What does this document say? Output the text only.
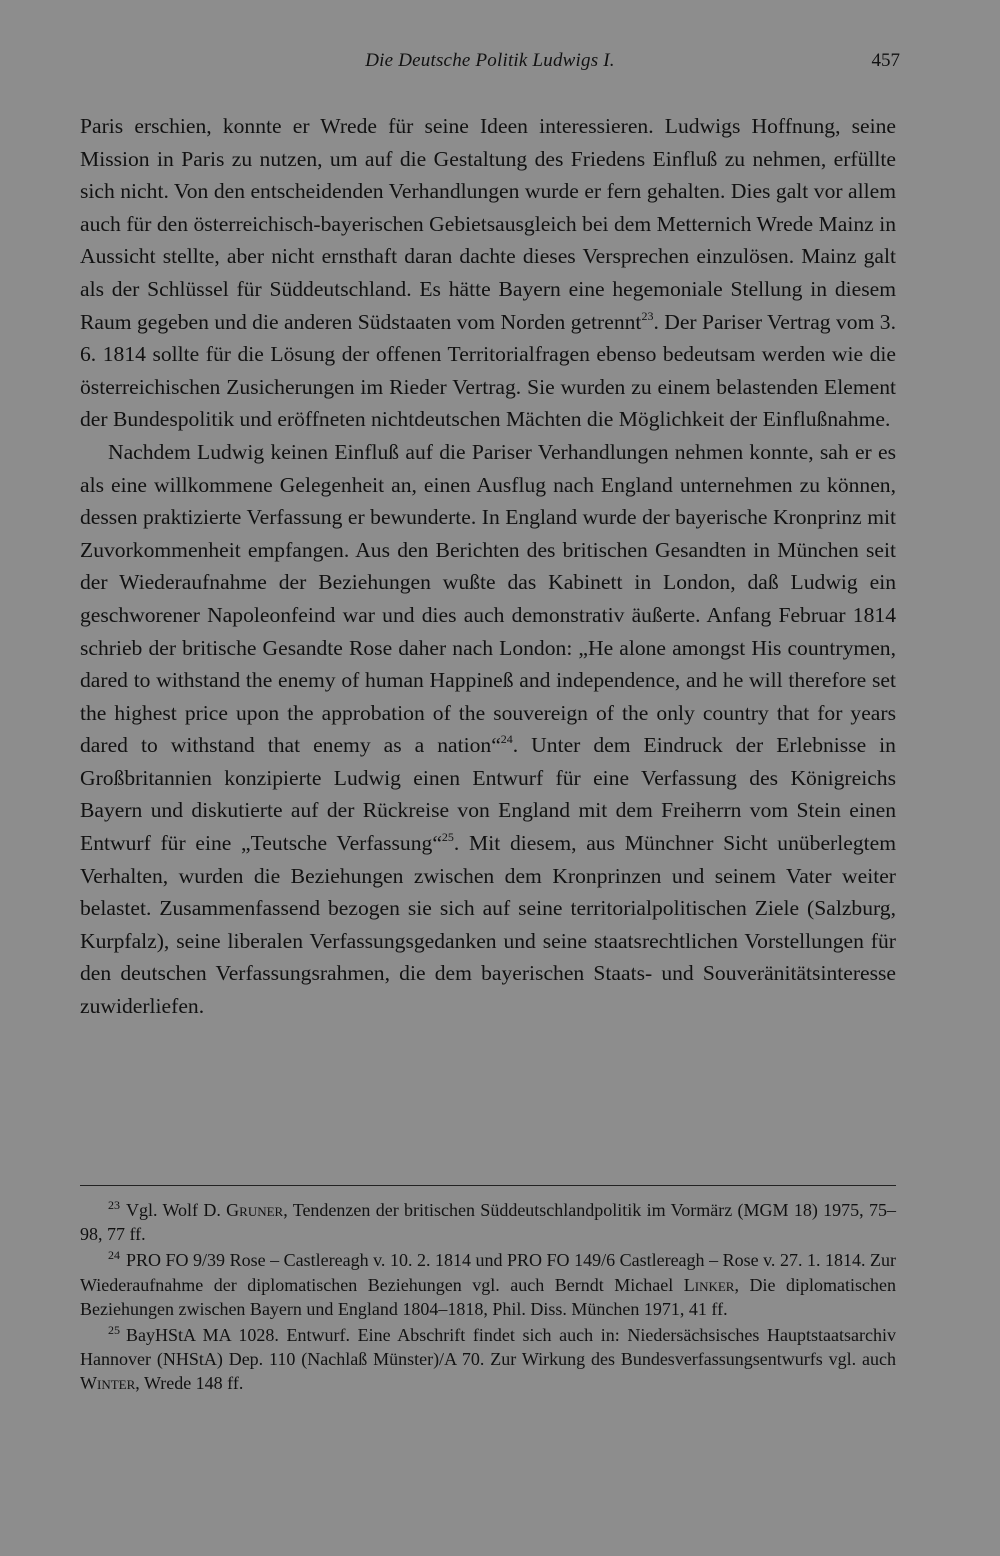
Die Deutsche Politik Ludwigs I.	457

Paris erschien, konnte er Wrede für seine Ideen interessieren. Ludwigs Hoffnung, seine Mission in Paris zu nutzen, um auf die Gestaltung des Friedens Einfluß zu nehmen, erfüllte sich nicht. Von den entscheidenden Verhandlungen wurde er fern gehalten. Dies galt vor allem auch für den österreichisch-bayerischen Gebietsausgleich bei dem Metternich Wrede Mainz in Aussicht stellte, aber nicht ernsthaft daran dachte dieses Versprechen einzulösen. Mainz galt als der Schlüssel für Süddeutschland. Es hätte Bayern eine hegemoniale Stellung in diesem Raum gegeben und die anderen Südstaaten vom Norden getrennt$^{23}$. Der Pariser Vertrag vom 3. 6. 1814 sollte für die Lösung der offenen Territorialfragen ebenso bedeutsam werden wie die österreichischen Zusicherungen im Rieder Vertrag. Sie wurden zu einem belastenden Element der Bundespolitik und eröffneten nichtdeutschen Mächten die Möglichkeit der Einflußnahme.

Nachdem Ludwig keinen Einfluß auf die Pariser Verhandlungen nehmen konnte, sah er es als eine willkommene Gelegenheit an, einen Ausflug nach England unternehmen zu können, dessen praktizierte Verfassung er bewunderte. In England wurde der bayerische Kronprinz mit Zuvorkommenheit empfangen. Aus den Berichten des britischen Gesandten in München seit der Wiederaufnahme der Beziehungen wußte das Kabinett in London, daß Ludwig ein geschworener Napoleonfeind war und dies auch demonstrativ äußerte. Anfang Februar 1814 schrieb der britische Gesandte Rose daher nach London: „He alone amongst His countrymen, dared to withstand the enemy of human Happineß and independence, and he will therefore set the highest price upon the approbation of the souvereign of the only country that for years dared to withstand that enemy as a nation“$^{24}$. Unter dem Eindruck der Erlebnisse in Großbritannien konzipierte Ludwig einen Entwurf für eine Verfassung des Königreichs Bayern und diskutierte auf der Rückreise von England mit dem Freiherrn vom Stein einen Entwurf für eine „Teutsche Verfassung“$^{25}$. Mit diesem, aus Münchner Sicht unüberlegtem Verhalten, wurden die Beziehungen zwischen dem Kronprinzen und seinem Vater weiter belastet. Zusammenfassend bezogen sie sich auf seine territorialpolitischen Ziele (Salzburg, Kurpfalz), seine liberalen Verfassungsgedanken und seine staatsrechtlichen Vorstellungen für den deutschen Verfassungsrahmen, die dem bayerischen Staats- und Souveränitätsinteresse zuwiderliefen.

$^{23}$ Vgl. Wolf D. Gruner, Tendenzen der britischen Süddeutschlandpolitik im Vormärz (MGM 18) 1975, 75–98, 77 ff.

$^{24}$ PRO FO 9/39 Rose – Castlereagh v. 10. 2. 1814 und PRO FO 149/6 Castlereagh – Rose v. 27. 1. 1814. Zur Wiederaufnahme der diplomatischen Beziehungen vgl. auch Berndt Michael Linker, Die diplomatischen Beziehungen zwischen Bayern und England 1804–1818, Phil. Diss. München 1971, 41 ff.

$^{25}$ BayHStA MA 1028. Entwurf. Eine Abschrift findet sich auch in: Niedersächsisches Hauptstaatsarchiv Hannover (NHStA) Dep. 110 (Nachlaß Münster)/A 70. Zur Wirkung des Bundesverfassungsentwurfs vgl. auch Winter, Wrede 148 ff.
